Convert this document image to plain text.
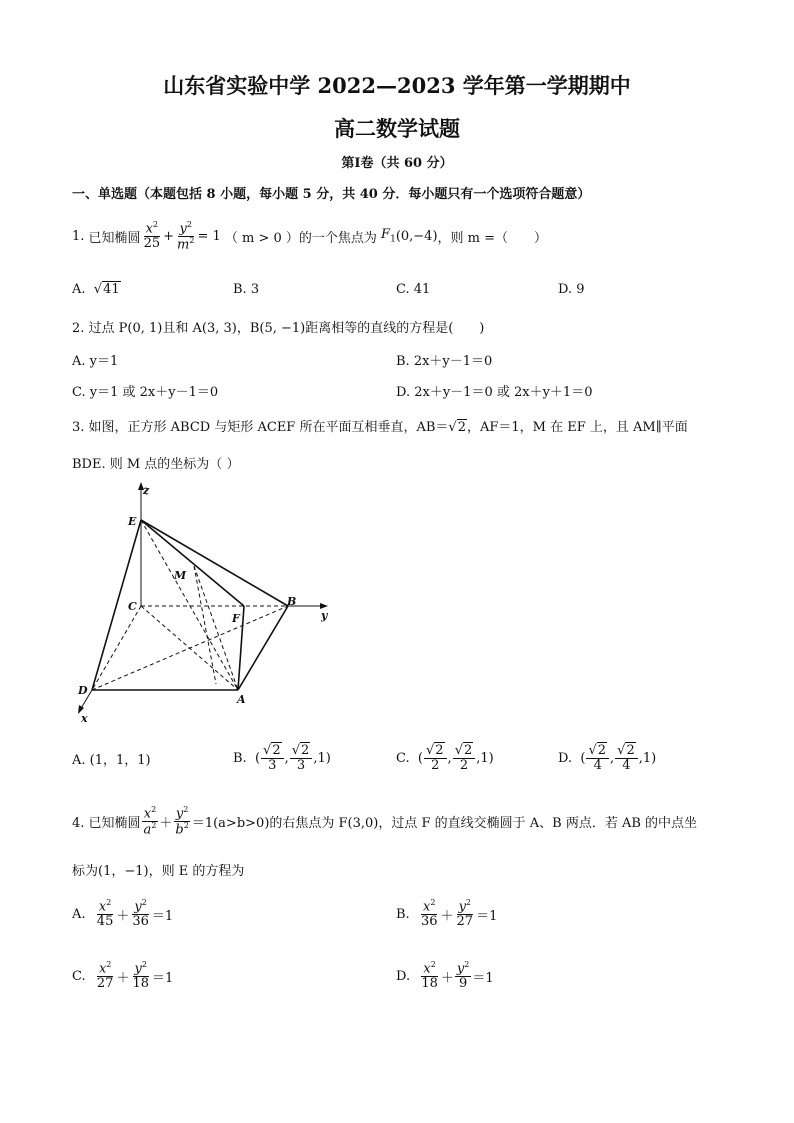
山东省实验中学 2022—2023 学年第一学期期中
高二数学试题
第Ⅰ卷（共 60 分）
一、单选题（本题包括 8 小题，每小题 5 分，共 40 分．每小题只有一个选项符合题意）
1.
已知椭圆 $\frac{x^2}{25} + \frac{y^2}{m^2} = 1$
（ m > 0 ）的一个焦点为
$F_1$ (0,−4) ，则 m =（　　）
A. √41	B. 3	C. 41	D. 9
2. 过点 P(0, 1)且和 A(3, 3)，B(5, −1)距离相等的直线的方程是(　　)
A. y＝1	B. 2x＋y－1＝0
C. y＝1 或 2x＋y－1＝0	D. 2x＋y－1＝0 或 2x＋y＋1＝0
3. 如图，正方形 ABCD 与矩形 ACEF 所在平面互相垂直，AB＝√2，AF＝1，M 在 EF 上，且 AM∥平面
BDE. 则 M 点的坐标为（ ）
z
y
x
E
M
C
F
B
D
A
A. (1，1，1)	B.
( $\frac{√2}{3}$ , $\frac{√2}{3} ,1$)	C.
( $\frac{√2}{2}$ , $\frac{√2}{2} ,1$)	D.
( $\frac{√2}{4}$ , $\frac{√2}{4} ,1$)
4. 已知椭圆 $\frac{x^2}{a^2} + \frac{y^2}{b^2} =1(a>b>0)$的右焦点为 F(3,0)，过点 F 的直线交椭圆于 A、B 两点．若 AB 的中点坐
标为(1，−1)，则 E 的方程为
A.
$\frac{x^2}{45} + \frac{y^2}{36} =1$	B.
$\frac{x^2}{36} + \frac{y^2}{27} =1$
C.
$\frac{x^2}{27} + \frac{y^2}{18} =1$	D.
$\frac{x^2}{18} + \frac{y^2}{9} =1$
